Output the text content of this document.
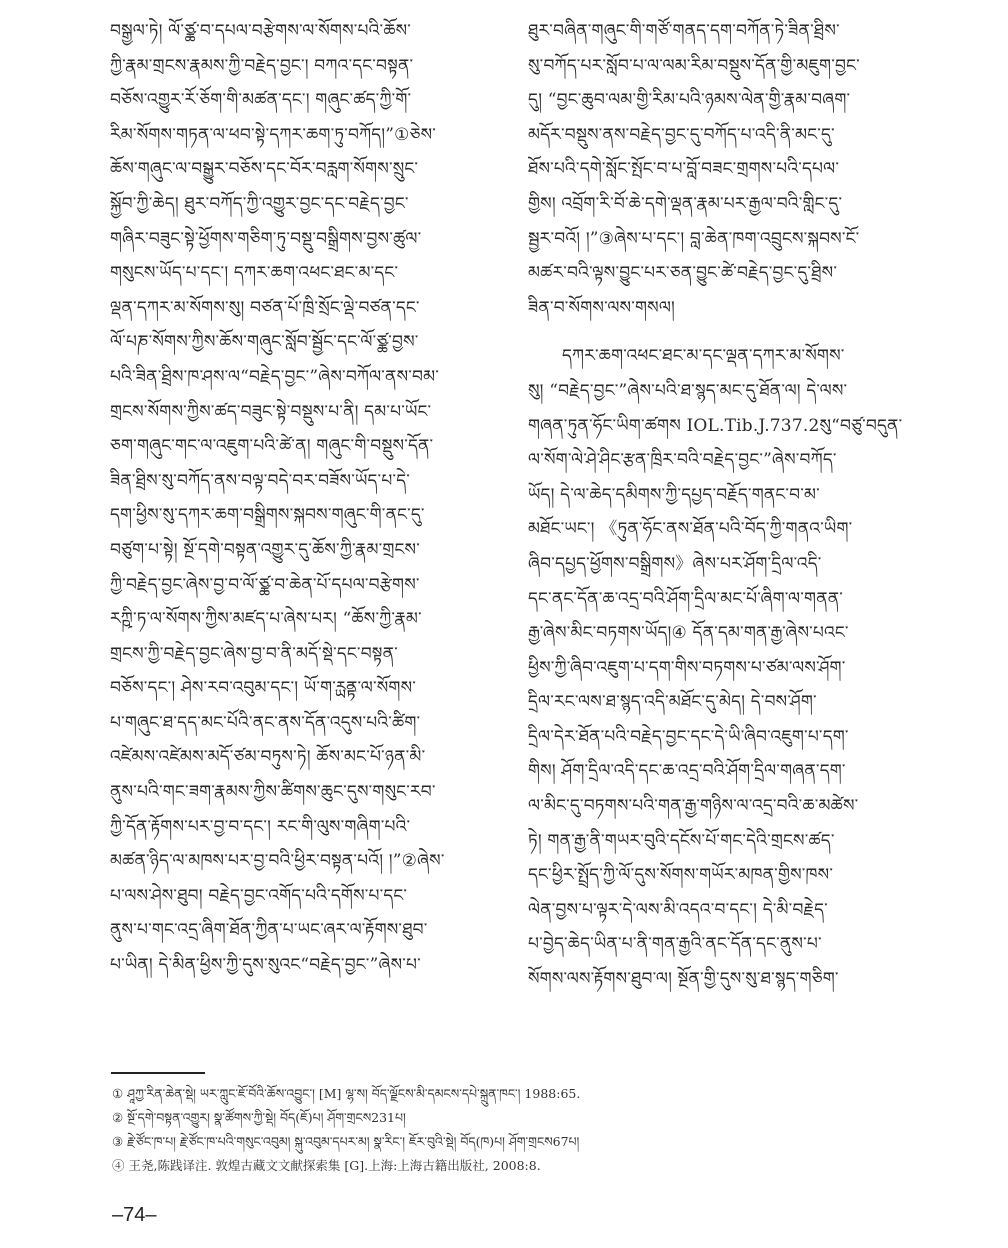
བསྒྱལ་ཏེ། ལོ་ཙྪ་བ་དཔལ་བརྩེགས་ལ་སོགས་པའི་ཆོས་
ཀྱི་རྣམ་གྲངས་རྣམས་ཀྱི་བརྗེད་བྱང་། བཀའ་དང་བསྟན་
བཅོས་འགྱུར་རོ་ཅོག་གི་མཚན་དང་། གཞུང་ཚད་ཀྱི་གོ་
རིམ་སོགས་གཏན་ལ་ཕབ་སྟེ་དཀར་ཆག་ཏུ་བཀོད།”①ཅེས་
ཆོས་གཞུང་ལ་བསྒྱུར་བཅོས་དང་བོར་བརླག་སོགས་སྲུང་
སྐྱོབ་ཀྱི་ཆེད། ཐུར་བཀོད་ཀྱི་འགྱུར་བྱང་དང་བརྗེད་བྱང་
གཞིར་བཟུང་སྟེ་ཕྱོགས་གཅིག་ཏུ་བསྡུ་བསྒྲིགས་བྱས་ཚུལ་
གསུངས་ཡོད་པ་དང་། དཀར་ཆག་འཕང་ཐང་མ་དང་
ལྡན་དཀར་མ་སོགས་སུ། བཙན་པོ་ཁྲི་སྲོང་ལྡེ་བཙན་དང་
ལོ་པཎ་སོགས་ཀྱིས་ཆོས་གཞུང་སློབ་སྦྱོང་དང་ལོ་ཙྪ་བྱས་
པའི་ཟིན་ཐྲིས་ཁ་ཤས་ལ“བརྗེད་བྱང་”ཞེས་བཀོལ་ནས་བམ་
གྲངས་སོགས་ཀྱིས་ཚད་བཟུང་སྟེ་བསྡུས་པ་ནི། དམ་པ་ཡོང་
ཅག་གཞུང་གང་ལ་འཇུག་པའི་ཚེ་ན། གཞུང་གི་བསྡུས་དོན་
ཟིན་ཐྲིས་སུ་བཀོད་ནས་བལྟ་བདེ་བར་བཟོས་ཡོད་པ་དེ་
དག་ཕྱིས་སུ་དཀར་ཆག་བསྒྲིགས་སྐབས་གཞུང་གི་ནང་དུ་
བཙུག་པ་སྟེ། སྔོ་དགེ་བསྟན་འགྱུར་དུ་ཆོས་ཀྱི་རྣམ་གྲངས་
ཀྱི་བརྗེད་བྱང་ཞེས་བྱ་བ་ལོ་ཙྪ་བ་ཆེན་པོ་དཔལ་བརྩེགས་
རཀྵི་ཏ་ལ་སོགས་ཀྱིས་མཛད་པ་ཞེས་པར། “ཆོས་ཀྱི་རྣམ་
གྲངས་ཀྱི་བརྗེད་བྱང་ཞེས་བྱ་བ་ནི་མདོ་སྡེ་དང་བསྟན་
བཅོས་དང་། ཤེས་རབ་འབུམ་དང་། ཡོ་ག་ཪྻནྟ་ལ་སོགས་
པ་གཞུང་ཐ་དད་མང་པོའི་ནང་ནས་དོན་འདུས་པའི་ཚིག་
འཛེམས་འཛེམས་མདོ་ཙམ་བཏུས་ཏེ། ཆོས་མང་པོ་ཉན་མི་
ནུས་པའི་གང་ཟག་རྣམས་ཀྱིས་ཚིགས་ཆུང་དུས་གསུང་རབ་
ཀྱི་དོན་རྟོགས་པར་བྱ་བ་དང་། རང་གི་ལུས་གཞིག་པའི་
མཚན་ཉིད་ལ་མཁས་པར་བྱ་བའི་ཕྱིར་བསྟན་པའོ། །”②ཞེས་
པ་ལས་ཤེས་ཐུབ། བརྗེད་བྱང་འགོད་པའི་དགོས་པ་དང་
ནུས་པ་གང་འདྲ་ཞིག་ཐོན་ཀྱིན་པ་ཡང་ཞར་ལ་རྟོགས་ཐུབ་
པ་ཡིན། དེ་མིན་ཕྱིས་ཀྱི་དུས་སུའང“བརྗེད་བྱང་”ཞེས་པ་
ཐུར་བཞིན་གཞུང་གི་གཙོ་གནད་དག་བཀོན་ཏེ་ཟིན་ཐྲིས་
སུ་བཀོད་པར་སློབ་པ་ལ་ལམ་རིམ་བསྡུས་དོན་གྱི་མཇུག་བྱང་
དུ། “བྱང་ཆུབ་ལམ་གྱི་རིམ་པའི་ཉམས་ལེན་གྱི་རྣམ་བཞག་
མདོར་བསྡུས་ནས་བརྗེད་བྱང་དུ་བཀོད་པ་འདི་ནི་མང་དུ་
ཐོས་པའི་དགེ་སློང་སྤོང་བ་པ་བློ་བཟང་གྲགས་པའི་དཔལ་
གྱིས། འབྲོག་རི་བོ་ཆེ་དགེ་ལྡན་རྣམ་པར་རྒྱལ་བའི་གླིང་དུ་
སྦྱར་བའོ། །”③ཞེས་པ་དང་། བླ་ཆེན་ཁག་འབྲུངས་སྐབས་ངོ་
མཚར་བའི་ལྟས་བྱུང་པར་ཅན་བྱུང་ཚེ་བརྗེད་བྱང་དུ་ཐྲིས་
ཟིན་བ་སོགས་ལས་གསལ།
དཀར་ཆག་འཕང་ཐང་མ་དང་ལྡན་དཀར་མ་སོགས་
སུ། “བརྗེད་བྱང་”ཞེས་པའི་ཐ་སྙད་མང་དུ་ཐོན་ལ། དེ་ལས་
གཞན་ཏུན་ཧོང་ཡིག་ཚགས IOL.Tib.J.737.2སུ“བཙུ་བདུན་
ལ་སོག་ལེ་ཤེ་ཤིང་རྩན་ཁྲིར་བའི་བརྗེད་བྱང་”ཞེས་བཀོད་
ཡོད། དེ་ལ་ཆེད་དམིགས་ཀྱི་དཔྱད་བརྗོད་གནང་བ་མ་
མཐོང་ཡང་། 《ཏུན་ཧོང་ནས་ཐོན་པའི་བོད་ཀྱི་གནའ་ཡིག་
ཞིབ་དཔྱད་ཕྱོགས་བསྒྲིགས》ཞེས་པར་ཤོག་དྲིལ་འདི་
དང་ནང་དོན་ཆ་འདྲ་བའི་ཤོག་དྲིལ་མང་པོ་ཞིག་ལ་གནན་
རྒྱ་ཞེས་མིང་བཏགས་ཡོད།④ དོན་དམ་གན་རྒྱ་ཞེས་པའང་
ཕྱིས་ཀྱི་ཞིབ་འཇུག་པ་དག་གིས་བཏགས་པ་ཙམ་ལས་ཤོག་
དྲིལ་རང་ལས་ཐ་སྙད་འདི་མཐོང་དུ་མེད། དེ་བས་ཤོག་
དྲིལ་དེར་ཐོན་པའི་བརྗེད་བྱང་དང་དེ་ཡི་ཞིབ་འཇུག་པ་དག་
གིས། ཤོག་དྲིལ་འདི་དང་ཆ་འདྲ་བའི་ཤོག་དྲིལ་གཞན་དག་
ལ་མིང་དུ་བཏགས་པའི་གན་རྒྱ་གཉིས་ལ་འདྲ་བའི་ཆ་མཚེས་
ཏེ། གན་རྒྱ་ནི་གཡར་བུའི་དངོས་པོ་གང་དེའི་གྲངས་ཚད་
དང་ཕྱིར་སྤྲོད་ཀྱི་ལོ་དུས་སོགས་གཡོར་མཁན་གྱིས་ཁས་
ལེན་བྱས་པ་ལྟར་དེ་ལས་མི་འདའ་བ་དང་། དེ་མི་བརྗེད་
པ་བྱེད་ཆེད་ཡིན་པ་ནི་གན་རྒྱའི་ནང་དོན་དང་ནུས་པ་
སོགས་ལས་རྟོགས་ཐུབ་ལ། སྔོན་གྱི་དུས་སུ་ཐ་སྙད་གཅིག་
① ཤཱཀྱ་རིན་ཆེན་སྡེ། ཡར་ཀླུང་ཇོ་བོའི་ཆོས་འབྱུང་། [M] ལྷ་ས། བོད་ལྗོངས་མི་དམངས་དཔེ་སྐྲུན་ཁང་། 1988:65.
② སྔོ་དགེ་བསྟན་འགྱུར། སྣ་ཚོགས་ཀྱི་སྡེ། བོད(ཇོ)པ། ཤོག་གྲངས231པ།
③ རྗེ་ཙོང་ཁ་པ། རྗེ་ཙོང་ཁ་པའི་གསུང་འབུམ། སྐུ་འབུམ་དཔར་མ། སྣ་རིང་། ཇོར་བུའི་སྡེ། བོད(ཁ)པ། ཤོག་གྲངས67པ།
④ 王尧,陈践译注. 敦煌古藏文文献探索集 [G].上海:上海古籍出版社, 2008:8.
–74–
